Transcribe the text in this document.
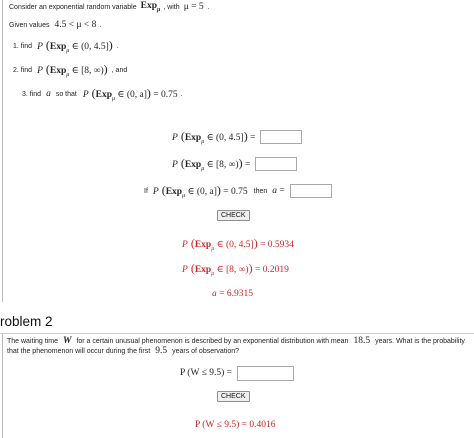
Consider an exponential random variable Exp$_\mu$ , with μ = 5 .
Given values 4.5 < μ < 8 .
1. find P (Exp$_\mu$ ∈ (0, 4.5]) .
2. find P (Exp$_\mu$ ∈ [8, ∞)) , and
3. find a so that P (Exp$_\mu$ ∈ (0, a]) = 0.75 .
P (Exp$_\mu$ ∈ (0, 4.5]) =
P (Exp$_\mu$ ∈ [8, ∞)) =
If P (Exp$_\mu$ ∈ (0, a]) = 0.75 then a =
CHECK
P (Exp$_\mu$ ∈ (0, 4.5]) = 0.5934
P (Exp$_\mu$ ∈ [8, ∞)) = 0.2019
a = 6.9315
roblem 2
The waiting time W for a certain unusual phenomenon is described by an exponential distribution with mean 18.5 years. What is the probability
that the phenomenon will occur during the first 9.5 years of observation?
P (W ≤ 9.5) =
CHECK
P (W ≤ 9.5) = 0.4016
